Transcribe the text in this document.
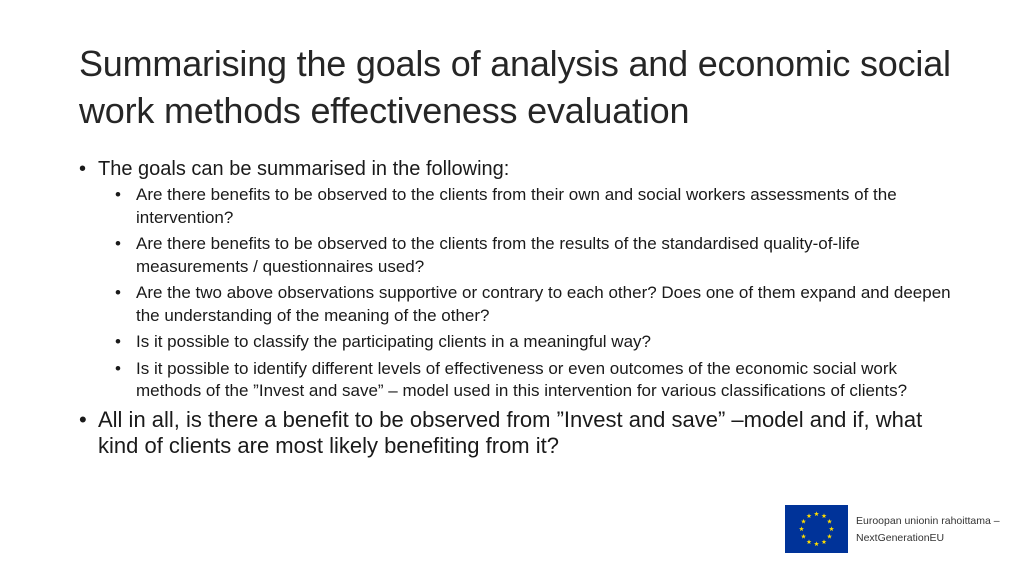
Summarising the goals of analysis and economic social work methods effectiveness evaluation
• The goals can be summarised in the following:
• Are there benefits to be observed to the clients from their own and social workers assessments of the intervention?
• Are there benefits to be observed to the clients from the results of the standardised quality-of-life measurements / questionnaires used?
• Are the two above observations supportive or contrary to each other? Does one of them expand and deepen the understanding of the meaning of the other?
• Is it possible to classify the participating clients in a meaningful way?
• Is it possible to identify different levels of effectiveness or even outcomes of the economic social work methods of the ”Invest and save” – model used in this intervention for various classifications of clients?
• All in all, is there a benefit to be observed from ”Invest and save” –model and if, what kind of clients are most likely benefiting from it?
Euroopan unionin rahoittama –
NextGenerationEU
